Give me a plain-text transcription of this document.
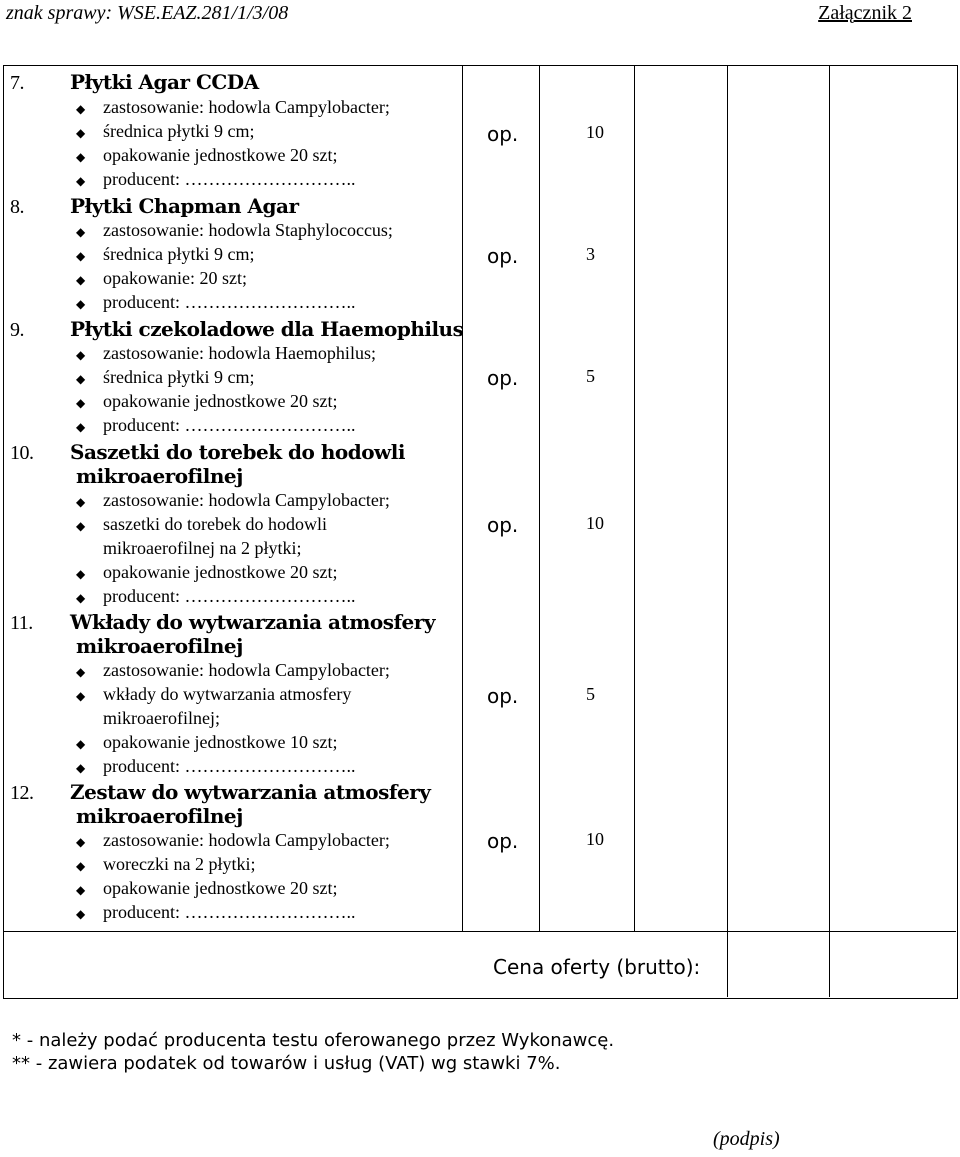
znak sprawy: WSE.EAZ.281/1/3/08	Załącznik 2
7. Płytki Agar CCDA
◆ zastosowanie: hodowla Campylobacter;
◆ średnica płytki 9 cm;
◆ opakowanie jednostkowe 20 szt;
◆ producent: ………………………..
op.	10
8. Płytki Chapman Agar
◆ zastosowanie: hodowla Staphylococcus;
◆ średnica płytki 9 cm;
◆ opakowanie: 20 szt;
◆ producent: ………………………..
op.	3
9. Płytki czekoladowe dla Haemophilus
◆ zastosowanie: hodowla Haemophilus;
◆ średnica płytki 9 cm;
◆ opakowanie jednostkowe 20 szt;
◆ producent: ………………………..
op.	5
10. Saszetki do torebek do hodowli
mikroaerofilnej
◆ zastosowanie: hodowla Campylobacter;
◆ saszetki do torebek do hodowli
mikroaerofilnej na 2 płytki;
◆ opakowanie jednostkowe 20 szt;
◆ producent: ………………………..
op.	10
11. Wkłady do wytwarzania atmosfery
mikroaerofilnej
◆ zastosowanie: hodowla Campylobacter;
◆ wkłady do wytwarzania atmosfery
mikroaerofilnej;
◆ opakowanie jednostkowe 10 szt;
◆ producent: ………………………..
op.	5
12. Zestaw do wytwarzania atmosfery
mikroaerofilnej
◆ zastosowanie: hodowla Campylobacter;
◆ woreczki na 2 płytki;
◆ opakowanie jednostkowe 20 szt;
◆ producent: ………………………..
op.	10
Cena oferty (brutto):
* - należy podać producenta testu oferowanego przez Wykonawcę.
** - zawiera podatek od towarów i usług (VAT) wg stawki 7%.
(podpis)
